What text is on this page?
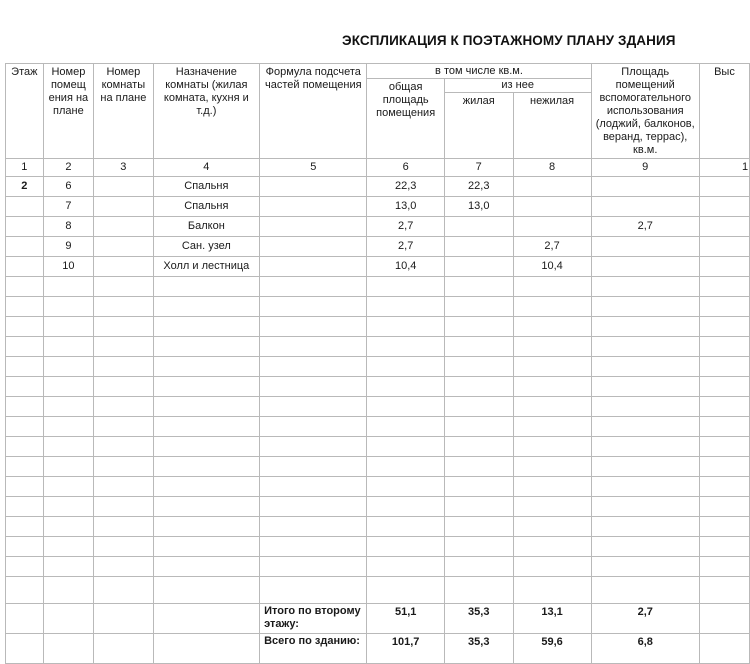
ЭКСПЛИКАЦИЯ К ПОЭТАЖНОМУ ПЛАНУ ЗДАНИЯ
Этаж	Номер помещ ения на плане	Номер комнаты на плане	Назначение комнаты (жилая комната, кухня и т.д.)	Формула подсчета частей помещения	в том числе кв.м.			Площадь помещений вспомогательного использования (лоджий, балконов, веранд, террас), кв.м.	Выс
					общая площадь помещения	из нее			
						жилая	нежилая		
1	2	3	4	5	6	7	8	9	1
2	6		Спальня		22,3	22,3			
	7		Спальня		13,0	13,0			
	8		Балкон		2,7			2,7	
	9		Сан. узел		2,7		2,7		
	10		Холл и лестница		10,4		10,4		

				Итого по второму этажу:	51,1	35,3	13,1	2,7	
				Всего по зданию:	101,7	35,3	59,6	6,8	
